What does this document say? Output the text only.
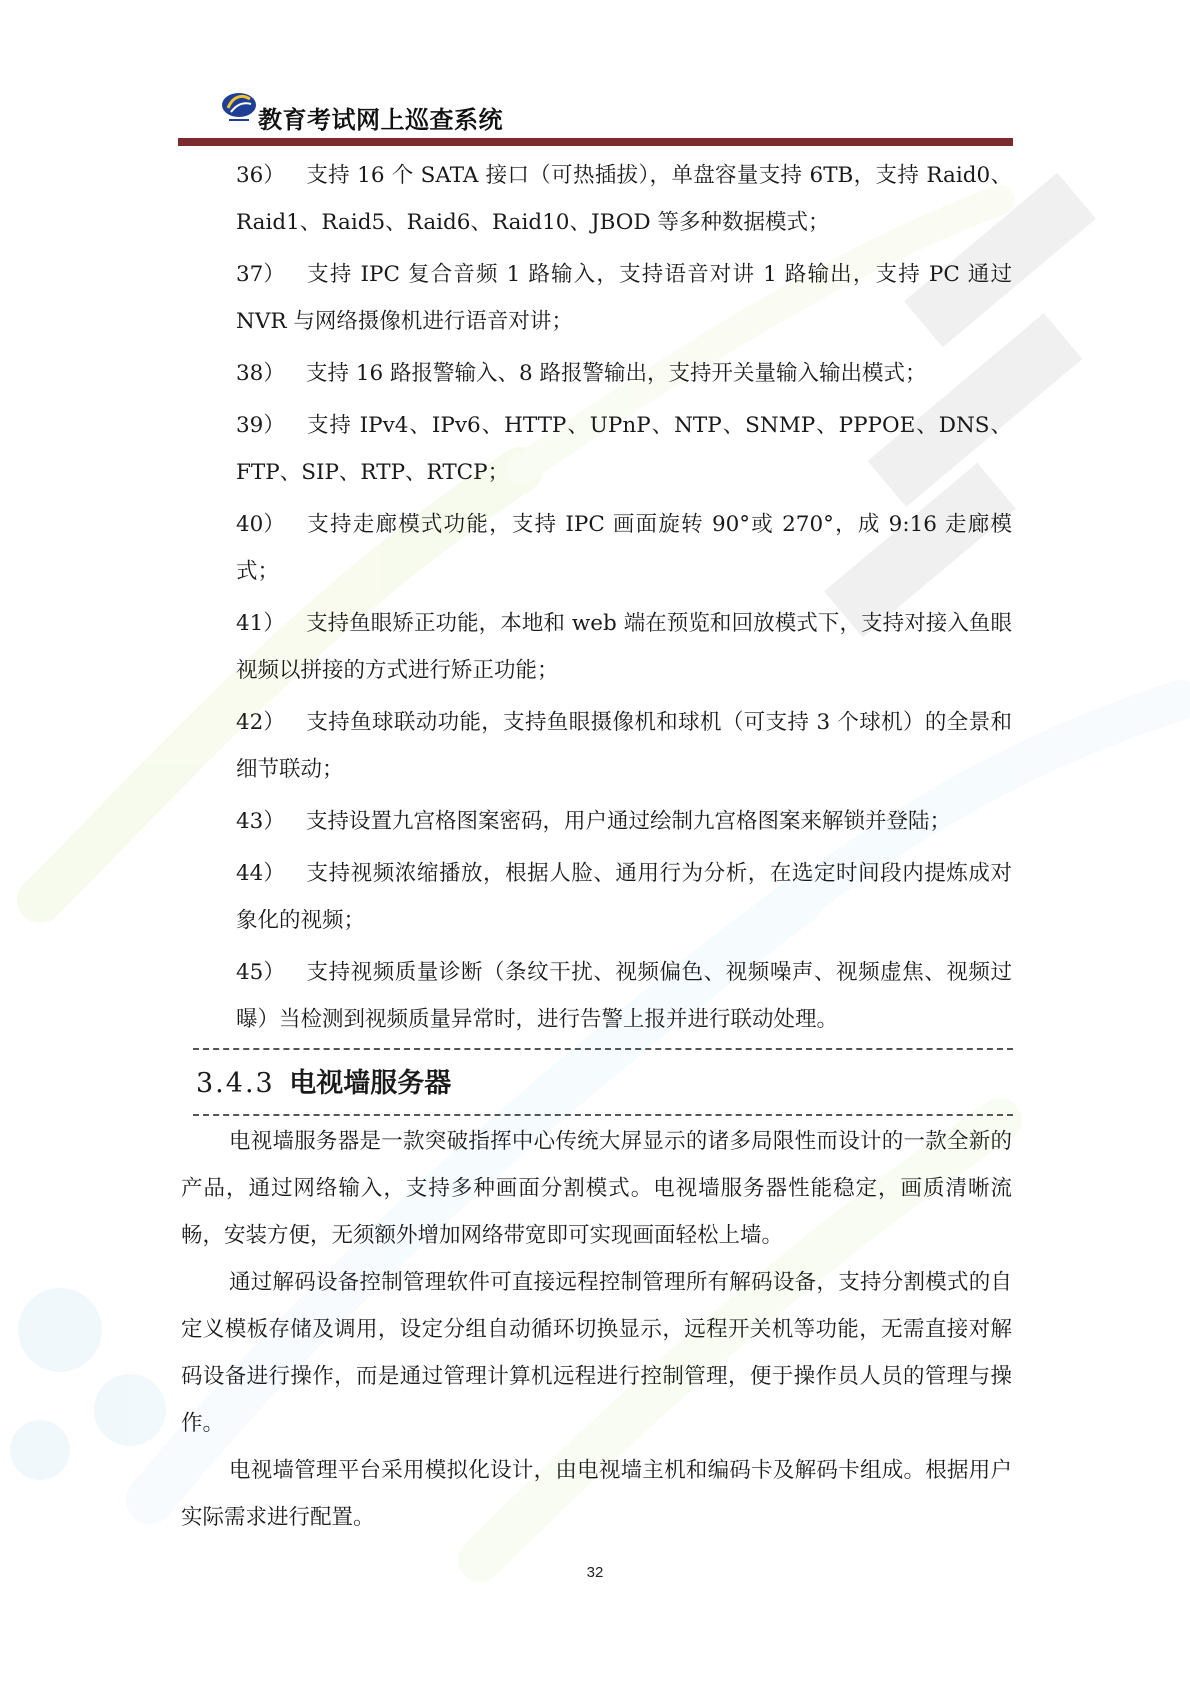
教育考试网上巡查系统
36） 支持 16 个 SATA 接口（可热插拔），单盘容量支持 6TB，支持 Raid0、Raid1、Raid5、Raid6、Raid10、JBOD 等多种数据模式；
37） 支持 IPC 复合音频 1 路输入，支持语音对讲 1 路输出，支持 PC 通过 NVR 与网络摄像机进行语音对讲；
38） 支持 16 路报警输入、8 路报警输出，支持开关量输入输出模式；
39） 支持 IPv4、IPv6、HTTP、UPnP、NTP、SNMP、PPPOE、DNS、FTP、SIP、RTP、RTCP；
40） 支持走廊模式功能，支持 IPC 画面旋转 90°或 270°，成 9:16 走廊模式；
41） 支持鱼眼矫正功能，本地和 web 端在预览和回放模式下，支持对接入鱼眼视频以拼接的方式进行矫正功能；
42） 支持鱼球联动功能，支持鱼眼摄像机和球机（可支持 3 个球机）的全景和细节联动；
43） 支持设置九宫格图案密码，用户通过绘制九宫格图案来解锁并登陆；
44） 支持视频浓缩播放，根据人脸、通用行为分析，在选定时间段内提炼成对象化的视频；
45） 支持视频质量诊断（条纹干扰、视频偏色、视频噪声、视频虚焦、视频过曝）当检测到视频质量异常时，进行告警上报并进行联动处理。
3.4.3 电视墙服务器

电视墙服务器是一款突破指挥中心传统大屏显示的诸多局限性而设计的一款全新的产品，通过网络输入，支持多种画面分割模式。电视墙服务器性能稳定，画质清晰流畅，安装方便，无须额外增加网络带宽即可实现画面轻松上墙。

通过解码设备控制管理软件可直接远程控制管理所有解码设备，支持分割模式的自定义模板存储及调用，设定分组自动循环切换显示，远程开关机等功能，无需直接对解码设备进行操作，而是通过管理计算机远程进行控制管理，便于操作员人员的管理与操作。

电视墙管理平台采用模拟化设计，由电视墙主机和编码卡及解码卡组成。根据用户实际需求进行配置。

32
